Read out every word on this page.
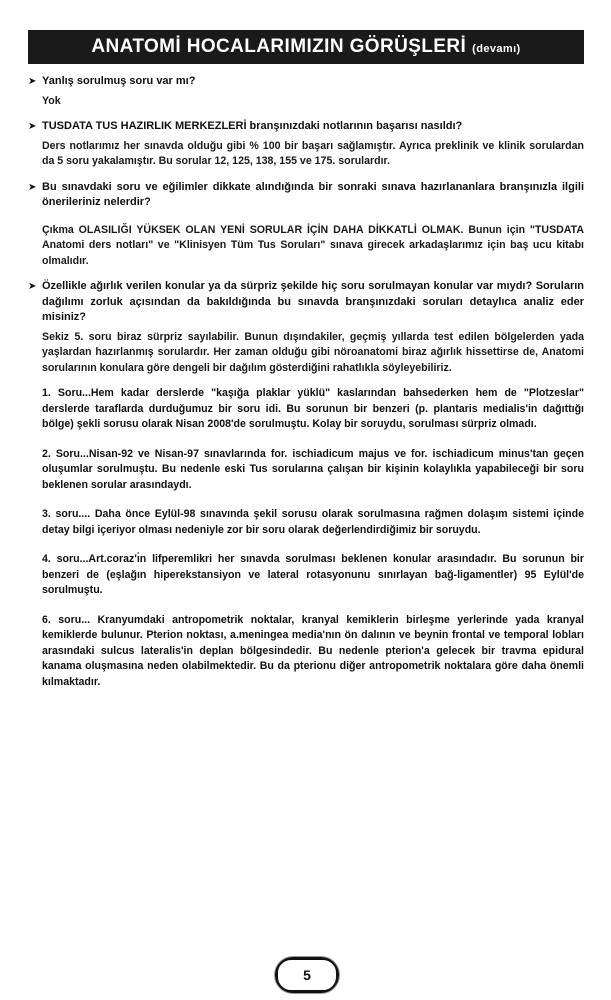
ANATOMİ HOCALARIMIZIN GÖRÜŞLERİ (devamı)
➤ Yanlış sorulmuş soru var mı?
Yok
➤ TUSDATA TUS HAZIRLIK MERKEZLERİ branşınızdaki notlarının başarısı nasıldı?
Ders notlarımız her sınavda olduğu gibi % 100 bir başarı sağlamıştır. Ayrıca preklinik ve klinik sorulardan da 5 soru yakalamıştır. Bu sorular 12, 125, 138, 155 ve 175. sorulardır.
➤ Bu sınavdaki soru ve eğilimler dikkate alındığında bir sonraki sınava hazırlananlara branşınızla ilgili önerileriniz nelerdir?
Çıkma OLASILIĞI YÜKSEK OLAN YENİ SORULAR İÇİN DAHA DİKKATLİ OLMAK. Bunun için "TUSDATA Anatomi ders notları" ve "Klinisyen Tüm Tus Soruları" sınava girecek arkadaşlarımız için baş ucu kitabı olmalıdır.
➤ Özellikle ağırlık verilen konular ya da sürpriz şekilde hiç soru sorulmayan konular var mıydı? Soruların dağılımı zorluk açısından da bakıldığında bu sınavda branşınızdaki soruları detaylıca analiz eder misiniz?
Sekiz 5. soru biraz sürpriz sayılabilir. Bunun dışındakiler, geçmiş yıllarda test edilen bölgelerden yada yaşlardan hazırlanmış sorulardır. Her zaman olduğu gibi nöroanatomi biraz ağırlık hissettirse de, Anatomi sorularının konulara göre dengeli bir dağılım gösterdiğini rahatlıkla söyleyebiliriz.
1. Soru...Hem kadar derslerde "kaşığa plaklar yüklü" kaslarından bahsederken hem de "Plotzeslar" derslerde taraflarda durduğumuz bir soru idi. Bu sorunun bir benzeri (p. plantaris medialis'in dağıttığı bölge) şekli sorusu olarak Nisan 2008'de sorulmuştu. Kolay bir soruydu, sorulması sürpriz olmadı.
2. Soru...Nisan-92 ve Nisan-97 sınavlarında for. ischiadicum majus ve for. ischiadicum minus'tan geçen oluşumlar sorulmuştu. Bu nedenle eski Tus sorularına çalışan bir kişinin kolaylıkla yapabileceği bir soru beklenen sorular arasındaydı.
3. soru.... Daha önce Eylül-98 sınavında şekil sorusu olarak sorulmasına rağmen dolaşım sistemi içinde detay bilgi içeriyor olması nedeniyle zor bir soru olarak değerlendirdiğimiz bir soruydu.
4. soru...Art.coraz'ı̇n lifperemlikri her sınavda sorulması beklenen konular arasındadır. Bu sorunun bir benzeri de (eşlağın hiperekstansiyon ve lateral rotasyonunu sınırlayan bağ-ligamentler) 95 Eylül'de sorulmuştu.
6. soru... Kranyumdaki antropometrik noktalar, kranyal kemiklerin birleşme yerlerinde yada kranyal kemiklerde bulunur. Pterion noktası, a.meningea media'nın ön dalının ve beynin frontal ve temporal lobları arasındaki sulcus lateralis'in deplan bölgesindedir. Bu nedenle pterion'a gelecek bir travma epidural kanama oluşmasına neden olabilmektedir. Bu da pterionu diğer antropometrik noktalara göre daha önemli kılmaktadır.
5
